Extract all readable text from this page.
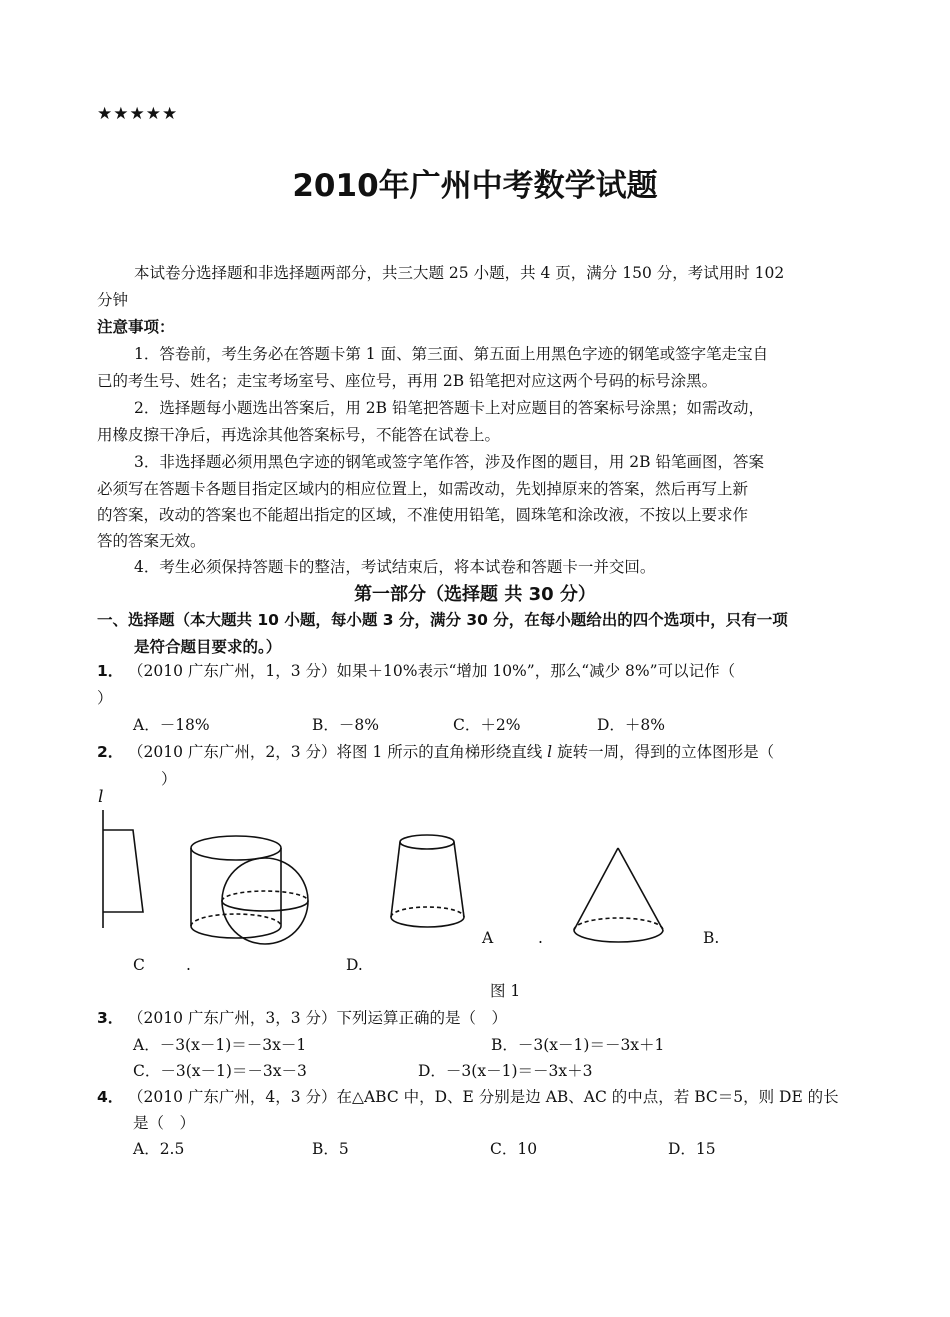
★★★★★
2010年广州中考数学试题
本试卷分选择题和非选择题两部分，共三大题 25 小题，共 4 页，满分 150 分，考试用时 102
分钟
注意事项：
1．答卷前，考生务必在答题卡第 1 面、第三面、第五面上用黑色字迹的钢笔或签字笔走宝自
已的考生号、姓名；走宝考场室号、座位号，再用 2B 铅笔把对应这两个号码的标号涂黑。
2．选择题每小题选出答案后，用 2B 铅笔把答题卡上对应题目的答案标号涂黑；如需改动，
用橡皮擦干净后，再选涂其他答案标号，不能答在试卷上。
3．非选择题必须用黑色字迹的钢笔或签字笔作答，涉及作图的题目，用 2B 铅笔画图，答案
必须写在答题卡各题目指定区域内的相应位置上，如需改动，先划掉原来的答案，然后再写上新
的答案，改动的答案也不能超出指定的区域，不准使用铅笔，圆珠笔和涂改液，不按以上要求作
答的答案无效。
4．考生必须保持答题卡的整洁，考试结束后，将本试卷和答题卡一并交回。
第一部分（选择题 共 30 分）
一、选择题（本大题共 10 小题，每小题 3 分，满分 30 分，在每小题给出的四个选项中，只有一项
是符合题目要求的。）
1． （2010 广东广州，1，3 分）如果＋10%表示“增加 10%”，那么“减少 8%”可以记作（
）
A．－18%	B．－8%	C．＋2%	D．＋8%
2． （2010 广东广州，2，3 分）将图 1 所示的直角梯形绕直线 l 旋转一周，得到的立体图形是（
）
l
A	.	B.
C	.	D.
图 1
3． （2010 广东广州，3，3 分）下列运算正确的是（　）
A．－3(x－1)＝－3x－1	B．－3(x－1)＝－3x＋1
C．－3(x－1)＝－3x－3	D．－3(x－1)＝－3x＋3
4． （2010 广东广州，4，3 分）在△ABC 中，D、E 分别是边 AB、AC 的中点，若 BC＝5，则 DE 的长
是（　）
A．2.5	B．5	C．10	D．15
